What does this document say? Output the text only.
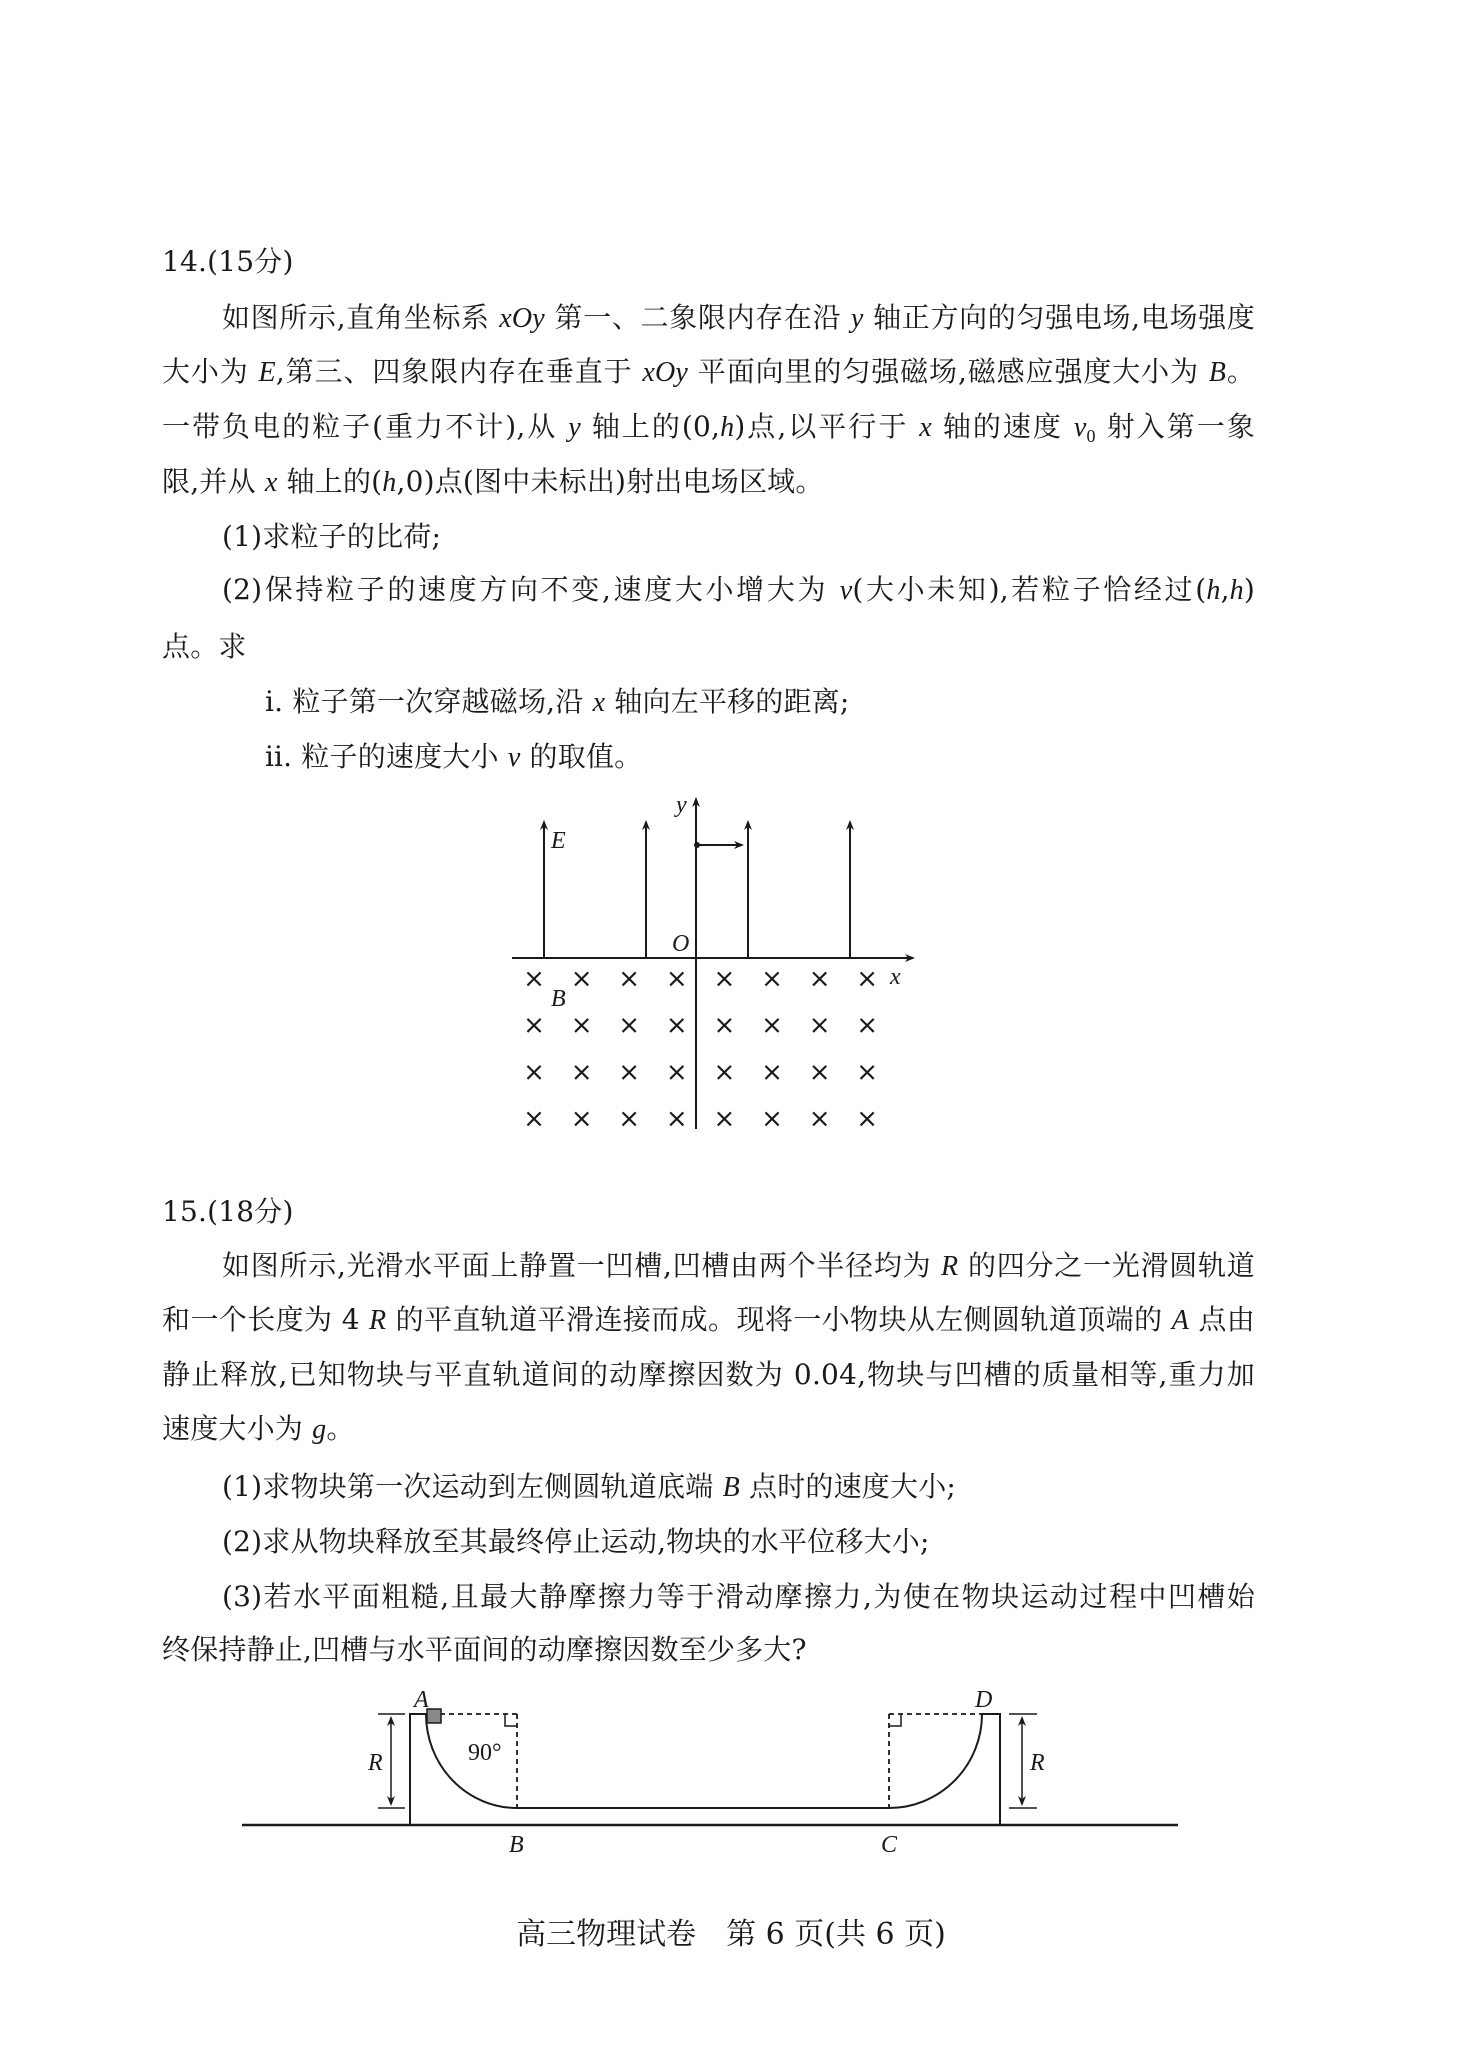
14.(15分)
如图所示,直角坐标系 xOy 第一、二象限内存在沿 y 轴正方向的匀强电场,电场强度
大小为 E,第三、四象限内存在垂直于 xOy 平面向里的匀强磁场,磁感应强度大小为 B。
一带负电的粒子(重力不计),从 y 轴上的(0,h)点,以平行于 x 轴的速度 $v_0$ 射入第一象
限,并从 x 轴上的(h,0)点(图中未标出)射出电场区域。
(1)求粒子的比荷;
(2)保持粒子的速度方向不变,速度大小增大为 v(大小未知),若粒子恰经过(h,h)
点。求
ⅰ. 粒子第一次穿越磁场,沿 x 轴向左平移的距离;
ⅱ. 粒子的速度大小 v 的取值。
y
x
O
E
B
× × × × × × × ×
× × × × × × × ×
× × × × × × × ×
× × × × × × × ×
A	D
B	C
R	R
90°
15.(18分)
如图所示,光滑水平面上静置一凹槽,凹槽由两个半径均为 R 的四分之一光滑圆轨道
和一个长度为 4 R 的平直轨道平滑连接而成。现将一小物块从左侧圆轨道顶端的 A 点由
静止释放,已知物块与平直轨道间的动摩擦因数为 0.04,物块与凹槽的质量相等,重力加
速度大小为 g。
(1)求物块第一次运动到左侧圆轨道底端 B 点时的速度大小;
(2)求从物块释放至其最终停止运动,物块的水平位移大小;
(3)若水平面粗糙,且最大静摩擦力等于滑动摩擦力,为使在物块运动过程中凹槽始
终保持静止,凹槽与水平面间的动摩擦因数至少多大?
高三物理试卷　第 6 页(共 6 页)
